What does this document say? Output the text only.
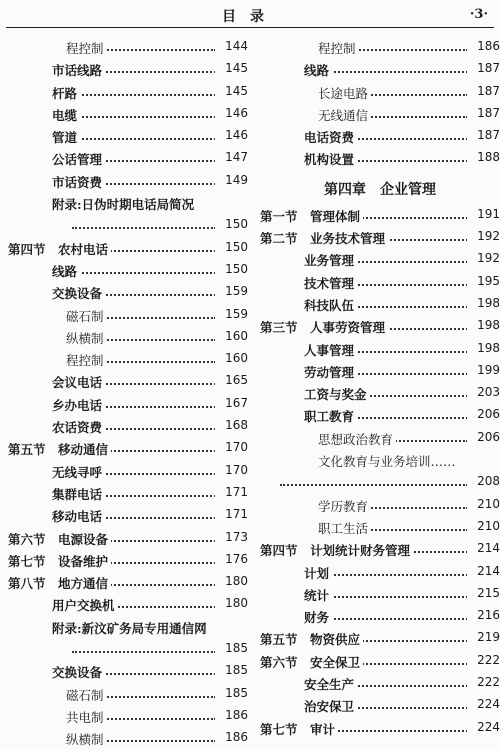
目录	·3·
程控制	144
市话线路	145
杆路	145
电缆	146
管道	146
公话管理	147
市话资费	149
附录:日伪时期电话局简况
150
第四节　农村电话	150
线路	150
交换设备	159
磁石制	159
纵横制	160
程控制	160
会议电话	165
乡办电话	167
农话资费	168
第五节　移动通信	170
无线寻呼	170
集群电话	171
移动电话	171
第六节　电源设备	173
第七节　设备维护	176
第八节　地方通信	180
用户交换机	180
附录:新汶矿务局专用通信网
185
交换设备	185
磁石制	185
共电制	186
纵横制	186
程控制	186
线路	187
长途电路	187
无线通信	187
电话资费	187
机构设置	188
第四章　企业管理
第一节　管理体制	191
第二节　业务技术管理	192
业务管理	192
技术管理	195
科技队伍	198
第三节　人事劳资管理	198
人事管理	198
劳动管理	199
工资与奖金	203
职工教育	206
思想政治教育	206
文化教育与业务培训……
208
学历教育	210
职工生活	210
第四节　计划统计财务管理	214
计划	214
统计	215
财务	216
第五节　物资供应	219
第六节　安全保卫	222
安全生产	222
治安保卫	224
第七节　审计	224
